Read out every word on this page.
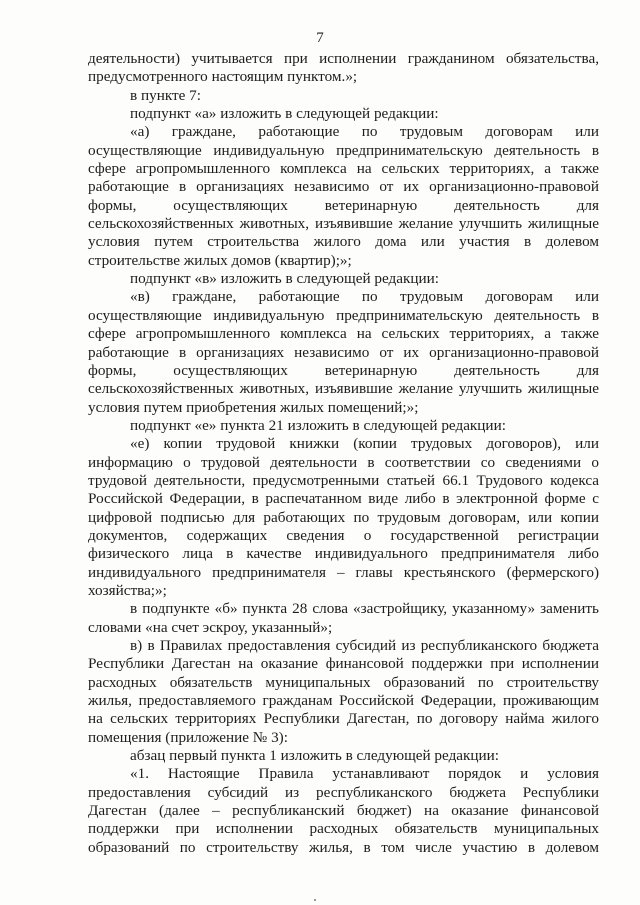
7
деятельности) учитывается при исполнении гражданином обязательства,
предусмотренного настоящим пунктом.»;
в пункте 7:
подпункт «а» изложить в следующей редакции:
«а) граждане, работающие по трудовым договорам или
осуществляющие индивидуальную предпринимательскую деятельность в
сфере агропромышленного комплекса на сельских территориях, а также
работающие в организациях независимо от их организационно-правовой
формы, осуществляющих ветеринарную деятельность для
сельскохозяйственных животных, изъявившие желание улучшить жилищные
условия путем строительства жилого дома или участия в долевом
строительстве жилых домов (квартир);»;
подпункт «в» изложить в следующей редакции:
«в) граждане, работающие по трудовым договорам или
осуществляющие индивидуальную предпринимательскую деятельность в
сфере агропромышленного комплекса на сельских территориях, а также
работающие в организациях независимо от их организационно-правовой
формы, осуществляющих ветеринарную деятельность для
сельскохозяйственных животных, изъявившие желание улучшить жилищные
условия путем приобретения жилых помещений;»;
подпункт «е» пункта 21 изложить в следующей редакции:
«е) копии трудовой книжки (копии трудовых договоров), или
информацию о трудовой деятельности в соответствии со сведениями о
трудовой деятельности, предусмотренными статьей 66.1 Трудового кодекса
Российской Федерации, в распечатанном виде либо в электронной форме с
цифровой подписью для работающих по трудовым договорам, или копии
документов, содержащих сведения о государственной регистрации
физического лица в качестве индивидуального предпринимателя либо
индивидуального предпринимателя – главы крестьянского (фермерского)
хозяйства;»;
в подпункте «б» пункта 28 слова «застройщику, указанному» заменить
словами «на счет эскроу, указанный»;
в) в Правилах предоставления субсидий из республиканского бюджета
Республики Дагестан на оказание финансовой поддержки при исполнении
расходных обязательств муниципальных образований по строительству
жилья, предоставляемого гражданам Российской Федерации, проживающим
на сельских территориях Республики Дагестан, по договору найма жилого
помещения (приложение № 3):
абзац первый пункта 1 изложить в следующей редакции:
«1. Настоящие Правила устанавливают порядок и условия
предоставления субсидий из республиканского бюджета Республики
Дагестан (далее – республиканский бюджет) на оказание финансовой
поддержки при исполнении расходных обязательств муниципальных
образований по строительству жилья, в том числе участию в долевом
